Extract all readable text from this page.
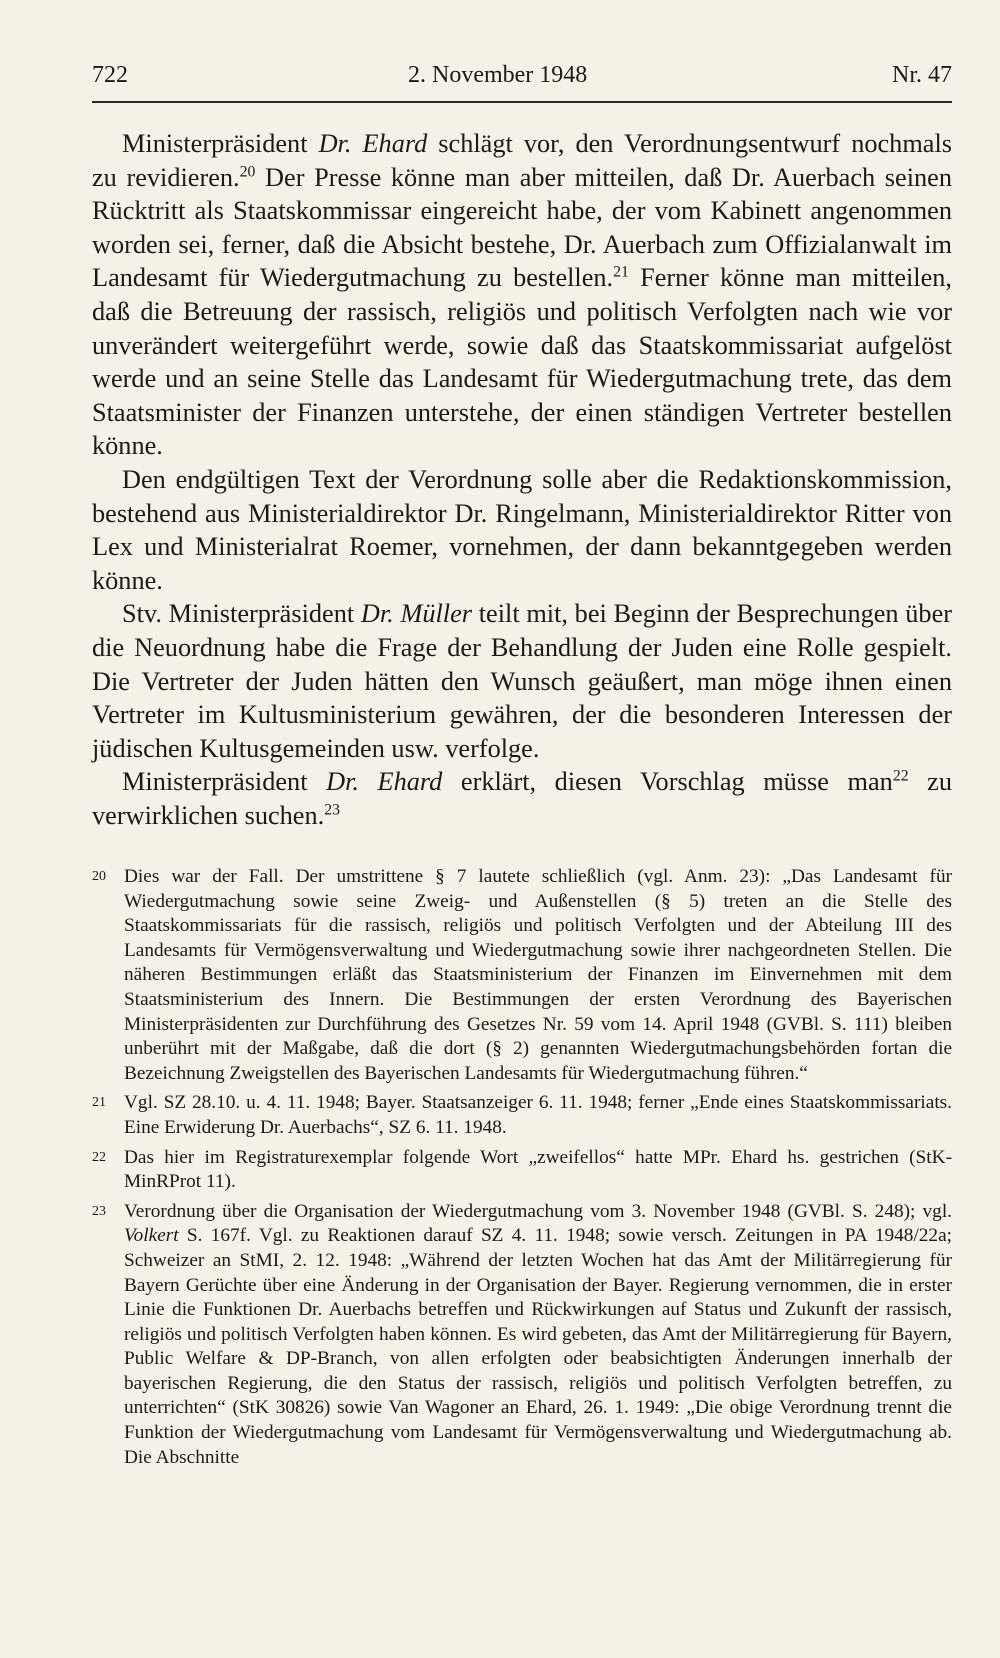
722	2. November 1948	Nr. 47

Ministerpräsident Dr. Ehard schlägt vor, den Verordnungsentwurf nochmals zu revidieren.$^{20}$ Der Presse könne man aber mitteilen, daß Dr. Auerbach seinen Rücktritt als Staatskommissar eingereicht habe, der vom Kabinett angenommen worden sei, ferner, daß die Absicht bestehe, Dr. Auerbach zum Offizialanwalt im Landesamt für Wiedergutmachung zu bestellen.$^{21}$ Ferner könne man mitteilen, daß die Betreuung der rassisch, religiös und politisch Verfolgten nach wie vor unverändert weitergeführt werde, sowie daß das Staatskommissariat aufgelöst werde und an seine Stelle das Landesamt für Wiedergutmachung trete, das dem Staatsminister der Finanzen unterstehe, der einen ständigen Vertreter bestellen könne.

Den endgültigen Text der Verordnung solle aber die Redaktionskommission, bestehend aus Ministerialdirektor Dr. Ringelmann, Ministerialdirektor Ritter von Lex und Ministerialrat Roemer, vornehmen, der dann bekanntgegeben werden könne.

Stv. Ministerpräsident Dr. Müller teilt mit, bei Beginn der Besprechungen über die Neuordnung habe die Frage der Behandlung der Juden eine Rolle gespielt. Die Vertreter der Juden hätten den Wunsch geäußert, man möge ihnen einen Vertreter im Kultusministerium gewähren, der die besonderen Interessen der jüdischen Kultusgemeinden usw. verfolge.

Ministerpräsident Dr. Ehard erklärt, diesen Vorschlag müsse man$^{22}$ zu verwirklichen suchen.$^{23}$

20 Dies war der Fall. Der umstrittene § 7 lautete schließlich (vgl. Anm. 23): „Das Landesamt für Wiedergutmachung sowie seine Zweig- und Außenstellen (§ 5) treten an die Stelle des Staatskommissariats für die rassisch, religiös und politisch Verfolgten und der Abteilung III des Landesamts für Vermögensverwaltung und Wiedergutmachung sowie ihrer nachgeordneten Stellen. Die näheren Bestimmungen erläßt das Staatsministerium der Finanzen im Einvernehmen mit dem Staatsministerium des Innern. Die Bestimmungen der ersten Verordnung des Bayerischen Ministerpräsidenten zur Durchführung des Gesetzes Nr. 59 vom 14. April 1948 (GVBl. S. 111) bleiben unberührt mit der Maßgabe, daß die dort (§ 2) genannten Wiedergutmachungsbehörden fortan die Bezeichnung Zweigstellen des Bayerischen Landesamts für Wiedergutmachung führen.“
21 Vgl. SZ 28.10. u. 4. 11. 1948; Bayer. Staatsanzeiger 6. 11. 1948; ferner „Ende eines Staatskommissariats. Eine Erwiderung Dr. Auerbachs“, SZ 6. 11. 1948.
22 Das hier im Registraturexemplar folgende Wort „zweifellos“ hatte MPr. Ehard hs. gestrichen (StK-MinRProt 11).
23 Verordnung über die Organisation der Wiedergutmachung vom 3. November 1948 (GVBl. S. 248); vgl. Volkert S. 167f. Vgl. zu Reaktionen darauf SZ 4. 11. 1948; sowie versch. Zeitungen in PA 1948/22a; Schweizer an StMI, 2. 12. 1948: „Während der letzten Wochen hat das Amt der Militärregierung für Bayern Gerüchte über eine Änderung in der Organisation der Bayer. Regierung vernommen, die in erster Linie die Funktionen Dr. Auerbachs betreffen und Rückwirkungen auf Status und Zukunft der rassisch, religiös und politisch Verfolgten haben können. Es wird gebeten, das Amt der Militärregierung für Bayern, Public Welfare & DP-Branch, von allen erfolgten oder beabsichtigten Änderungen innerhalb der bayerischen Regierung, die den Status der rassisch, religiös und politisch Verfolgten betreffen, zu unterrichten“ (StK 30826) sowie Van Wagoner an Ehard, 26. 1. 1949: „Die obige Verordnung trennt die Funktion der Wiedergutmachung vom Landesamt für Vermögensverwaltung und Wiedergutmachung ab. Die Abschnitte
